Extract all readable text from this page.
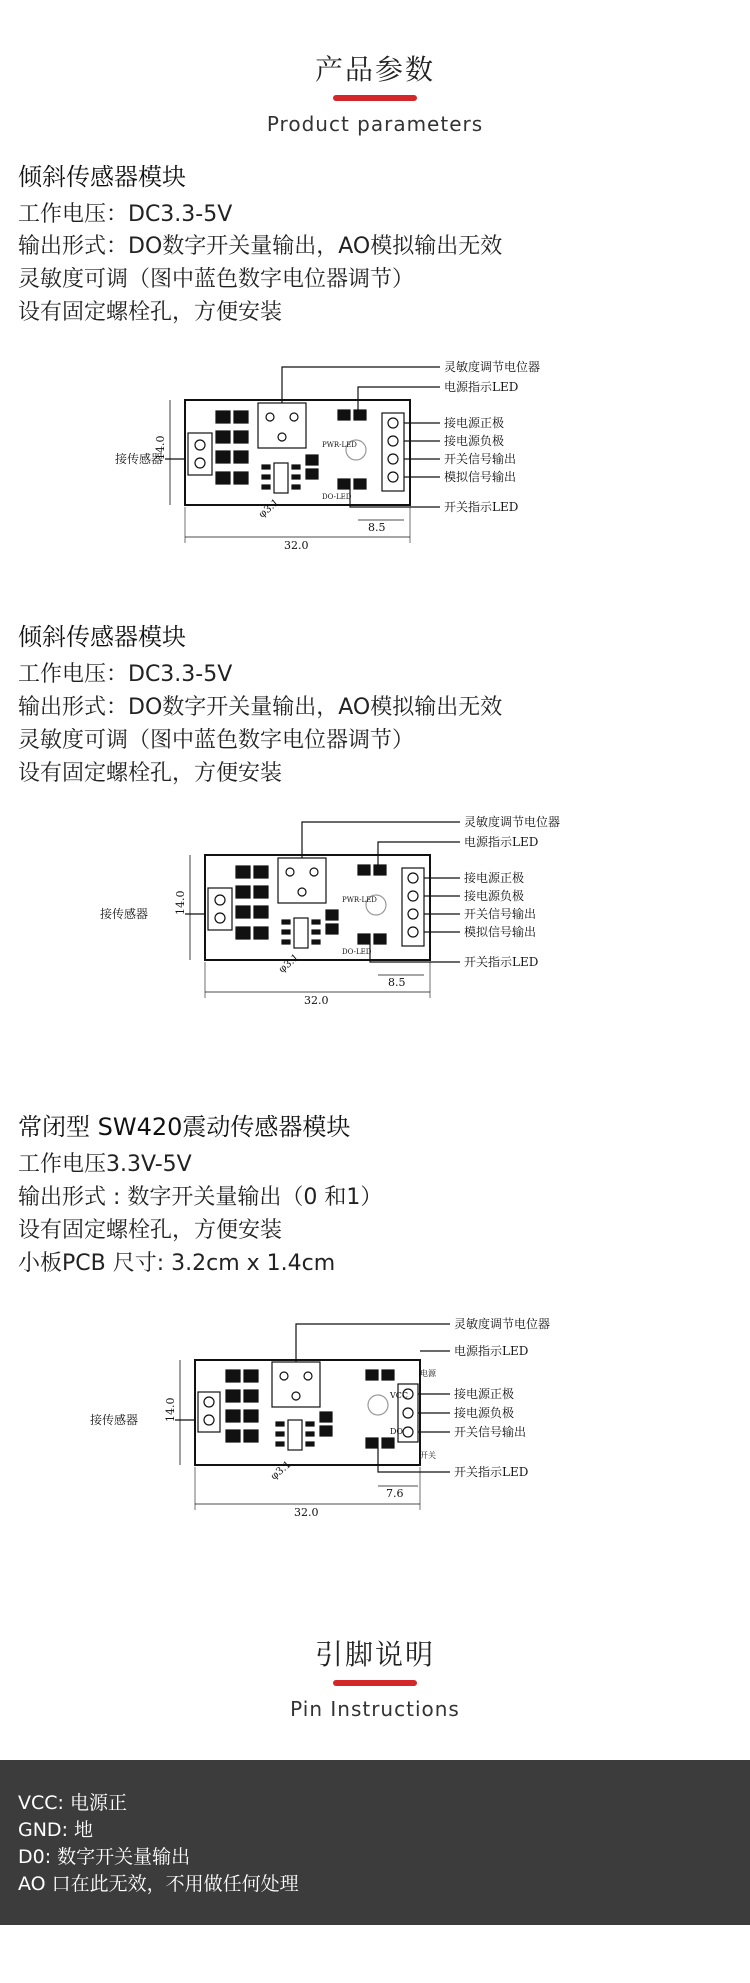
产品参数
Product parameters
倾斜传感器模块
工作电压：DC3.3-5V
输出形式：DO数字开关量输出，AO模拟输出无效
灵敏度可调（图中蓝色数字电位器调节）
设有固定螺栓孔，方便安装
灵敏度调节电位器
电源指示LED
接电源正极
接电源负极
开关信号输出
模拟信号输出
开关指示LED
接传感器
14.0
32.0
8.5
φ3.1
PWR-LED
DO-LED
倾斜传感器模块
工作电压：DC3.3-5V
输出形式：DO数字开关量输出，AO模拟输出无效
灵敏度可调（图中蓝色数字电位器调节）
设有固定螺栓孔，方便安装
灵敏度调节电位器
电源指示LED
接电源正极
接电源负极
开关信号输出
模拟信号输出
开关指示LED
接传感器 14.0
32.0
8.5
φ3.1
PWR-LED
DO-LED
常闭型 SW420震动传感器模块
工作电压3.3V-5V
输出形式 : 数字开关量输出（0 和1）
设有固定螺栓孔，方便安装
小板PCB 尺寸: 3.2cm x 1.4cm
灵敏度调节电位器
电源指示LED
接电源正极
接电源负极
开关信号输出
开关指示LED
接传感器 14.0
32.0
7.6
φ3.1
电源
VCC
DO
开关
引脚说明
Pin Instructions
VCC: 电源正
GND: 地
D0: 数字开关量输出
AO 口在此无效，不用做任何处理
